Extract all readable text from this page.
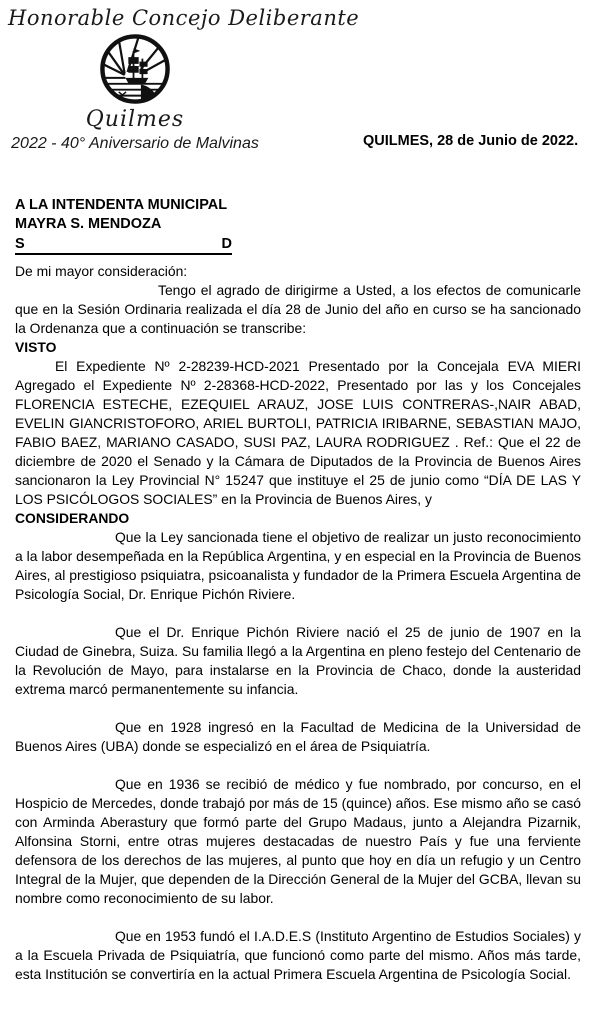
Honorable Concejo Deliberante
Quilmes
2022 - 40° Aniversario de Malvinas	QUILMES, 28 de Junio de 2022.
A LA INTENDENTA MUNICIPAL
MAYRA S. MENDOZA
S	D

De mi mayor consideración:

Tengo el agrado de dirigirme a Usted, a los efectos de comunicarle que en la Sesión Ordinaria realizada el día 28 de Junio del año en curso se ha sancionado la Ordenanza que a continuación se transcribe:

VISTO

El Expediente Nº 2-28239-HCD-2021 Presentado por la Concejala EVA MIERI Agregado el Expediente Nº 2-28368-HCD-2022, Presentado por las y los Concejales FLORENCIA ESTECHE, EZEQUIEL ARAUZ, JOSE LUIS CONTRERAS-,NAIR ABAD, EVELIN GIANCRISTOFORO, ARIEL BURTOLI, PATRICIA IRIBARNE, SEBASTIAN MAJO, FABIO BAEZ, MARIANO CASADO, SUSI PAZ, LAURA RODRIGUEZ . Ref.: Que el 22 de diciembre de 2020 el Senado y la Cámara de Diputados de la Provincia de Buenos Aires sancionaron la Ley Provincial N° 15247 que instituye el 25 de junio como “DÍA DE LAS Y LOS PSICÓLOGOS SOCIALES” en la Provincia de Buenos Aires, y

CONSIDERANDO

Que la Ley sancionada tiene el objetivo de realizar un justo reconocimiento a la labor desempeñada en la República Argentina, y en especial en la Provincia de Buenos Aires, al prestigioso psiquiatra, psicoanalista y fundador de la Primera Escuela Argentina de Psicología Social, Dr. Enrique Pichón Riviere.

Que el Dr. Enrique Pichón Riviere nació el 25 de junio de 1907 en la Ciudad de Ginebra, Suiza. Su familia llegó a la Argentina en pleno festejo del Centenario de la Revolución de Mayo, para instalarse en la Provincia de Chaco, donde la austeridad extrema marcó permanentemente su infancia.

Que en 1928 ingresó en la Facultad de Medicina de la Universidad de Buenos Aires (UBA) donde se especializó en el área de Psiquiatría.

Que en 1936 se recibió de médico y fue nombrado, por concurso, en el Hospicio de Mercedes, donde trabajó por más de 15 (quince) años. Ese mismo año se casó con Arminda Aberastury que formó parte del Grupo Madaus, junto a Alejandra Pizarnik, Alfonsina Storni, entre otras mujeres destacadas de nuestro País y fue una ferviente defensora de los derechos de las mujeres, al punto que hoy en día un refugio y un Centro Integral de la Mujer, que dependen de la Dirección General de la Mujer del GCBA, llevan su nombre como reconocimiento de su labor.

Que en 1953 fundó el I.A.D.E.S (Instituto Argentino de Estudios Sociales) y a la Escuela Privada de Psiquiatría, que funcionó como parte del mismo. Años más tarde, esta Institución se convertiría en la actual Primera Escuela Argentina de Psicología Social.
